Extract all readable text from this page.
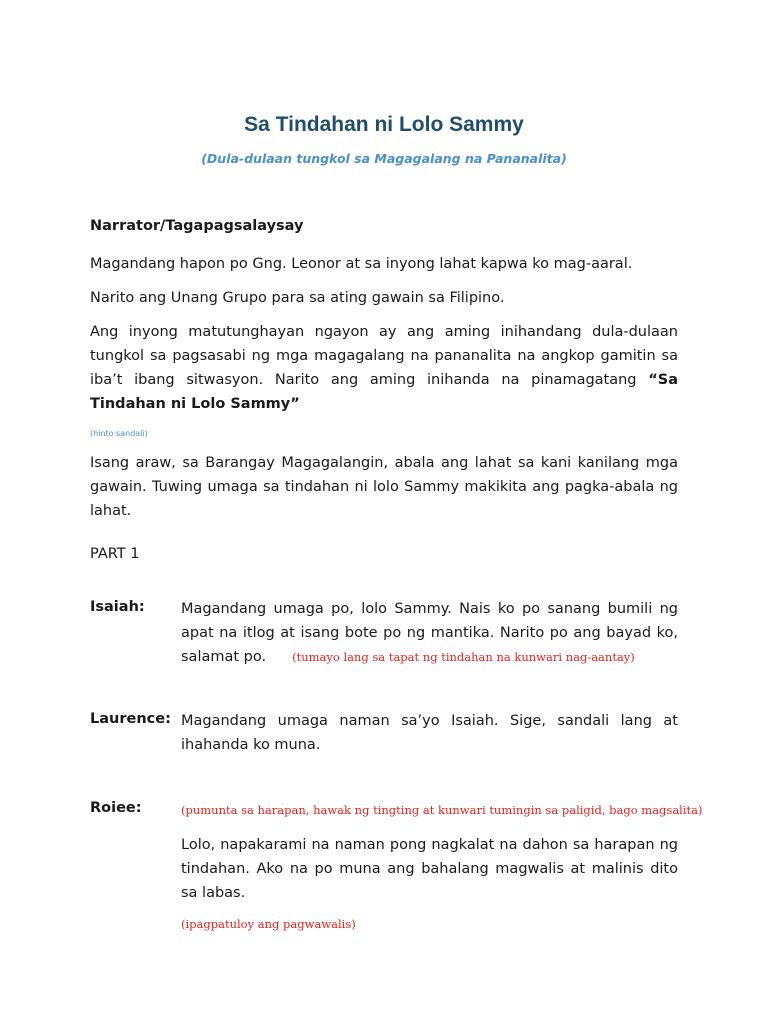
Sa Tindahan ni Lolo Sammy
(Dula-dulaan tungkol sa Magagalang na Pananalita)
Narrator/Tagapagsalaysay
Magandang hapon po Gng. Leonor at sa inyong lahat kapwa ko mag-aaral.
Narito ang Unang Grupo para sa ating gawain sa Filipino.
Ang inyong matutunghayan ngayon ay ang aming inihandang dula-dulaan tungkol sa pagsasabi ng mga magagalang na pananalita na angkop gamitin sa iba’t ibang sitwasyon. Narito ang aming inihanda na pinamagatang “Sa Tindahan ni Lolo Sammy”
(hinto sandali)
Isang araw, sa Barangay Magagalangin, abala ang lahat sa kani kanilang mga gawain. Tuwing umaga sa tindahan ni lolo Sammy makikita ang pagka-abala ng lahat.
PART 1
Isaiah:	Magandang umaga po, lolo Sammy. Nais ko po sanang bumili ng apat na itlog at isang bote po ng mantika. Narito po ang bayad ko, salamat po. (tumayo lang sa tapat ng tindahan na kunwari nag-aantay)
Laurence: Magandang umaga naman sa’yo Isaiah. Sige, sandali lang at ihahanda ko muna.
Roiee:	(pumunta sa harapan, hawak ng tingting at kunwari tumingin sa paligid, bago magsalita)
Lolo, napakarami na naman pong nagkalat na dahon sa harapan ng tindahan. Ako na po muna ang bahalang magwalis at malinis dito sa labas.
(ipagpatuloy ang pagwawalis)
